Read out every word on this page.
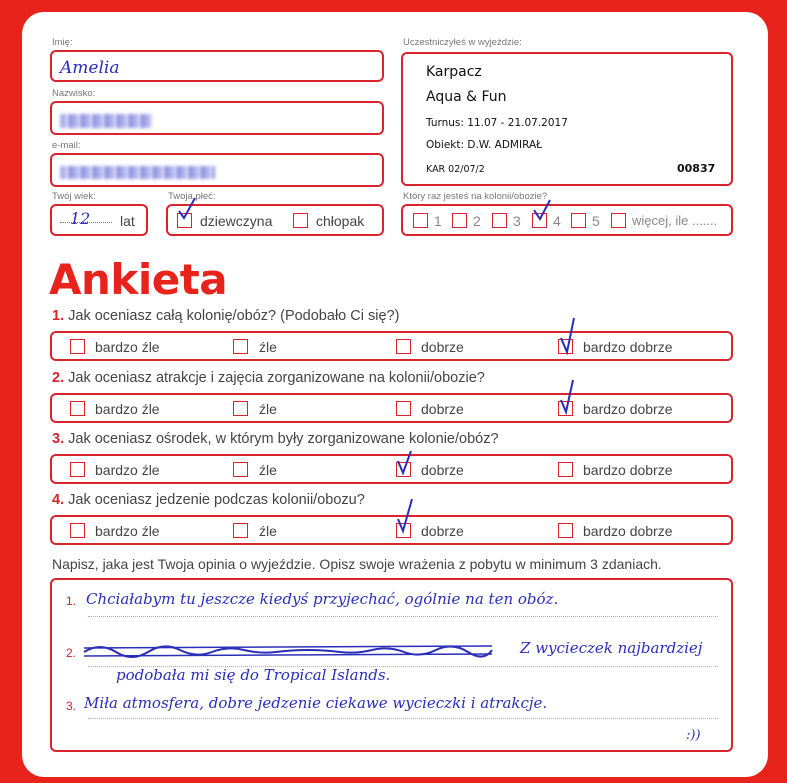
Imię:
Amelia
Nazwisko:
e-mail:
Twój wiek:
12 lat
Twoja płeć:
dziewczyna	chłopak
Uczestniczyłeś w wyjeździe:
Karpacz
Aqua & Fun
Turnus: 11.07 - 21.07.2017
Obiekt: D.W. ADMIRAŁ
KAR 02/07/2	00837
Który raz jesteś na kolonii/obozie?
1 2 3 4 5 więcej, ile .......
Ankieta
1. Jak oceniasz całą kolonię/obóz? (Podobało Ci się?)
bardzo źle	źle	dobrze	bardzo dobrze
2. Jak oceniasz atrakcje i zajęcia zorganizowane na kolonii/obozie?
bardzo źle	źle	dobrze	bardzo dobrze
3. Jak oceniasz ośrodek, w którym były zorganizowane kolonie/obóz?
bardzo źle	źle	dobrze	bardzo dobrze
4. Jak oceniasz jedzenie podczas kolonii/obozu?
bardzo źle	źle	dobrze	bardzo dobrze
Napisz, jaka jest Twoja opinia o wyjeździe. Opisz swoje wrażenia z pobytu w minimum 3 zdaniach.
1.
2.
3.
Chciałabym tu jeszcze kiedyś przyjechać, ogólnie na ten obóz.
Z wycieczek najbardziej
podobała mi się do Tropical Islands.
Miła atmosfera, dobre jedzenie ciekawe wycieczki i atrakcje.
:))
